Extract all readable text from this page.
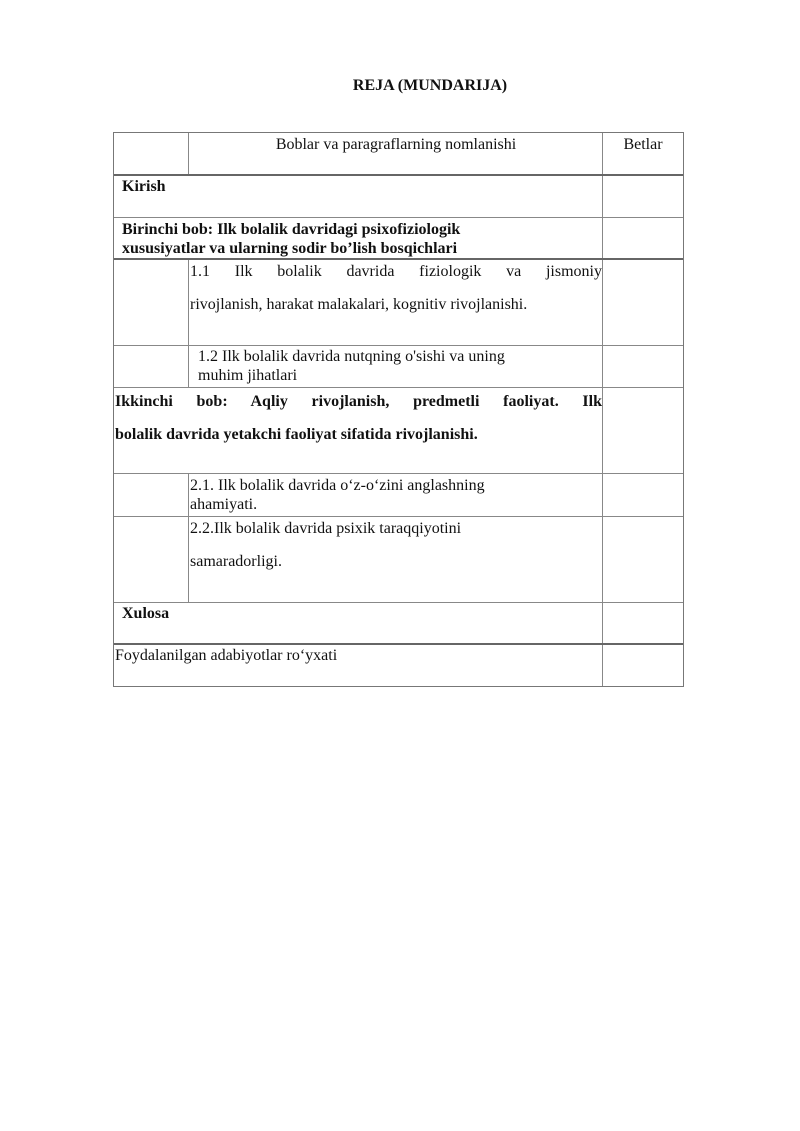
REJA (MUNDARIJA)
Boblar va paragraflarning nomlanishi	Betlar
Kirish
Birinchi bob: Ilk bolalik davridagi psixofiziologik
xususiyatlar va ularning sodir bo’lish bosqichlari
1.1 Ilk bolalik davrida fiziologik va jismoniy
rivojlanish, harakat malakalari, kognitiv rivojlanishi.
1.2 Ilk bolalik davrida nutqning o'sishi va uning
muhim jihatlari
Ikkinchi bob: Aqliy rivojlanish, predmetli faoliyat. Ilk
bolalik davrida yetakchi faoliyat sifatida rivojlanishi.
2.1. Ilk bolalik davrida o‘z-o‘zini anglashning
ahamiyati.
2.2.Ilk bolalik davrida psixik taraqqiyotini
samaradorligi.
Xulosa
Foydalanilgan adabiyotlar ro‘yxati
